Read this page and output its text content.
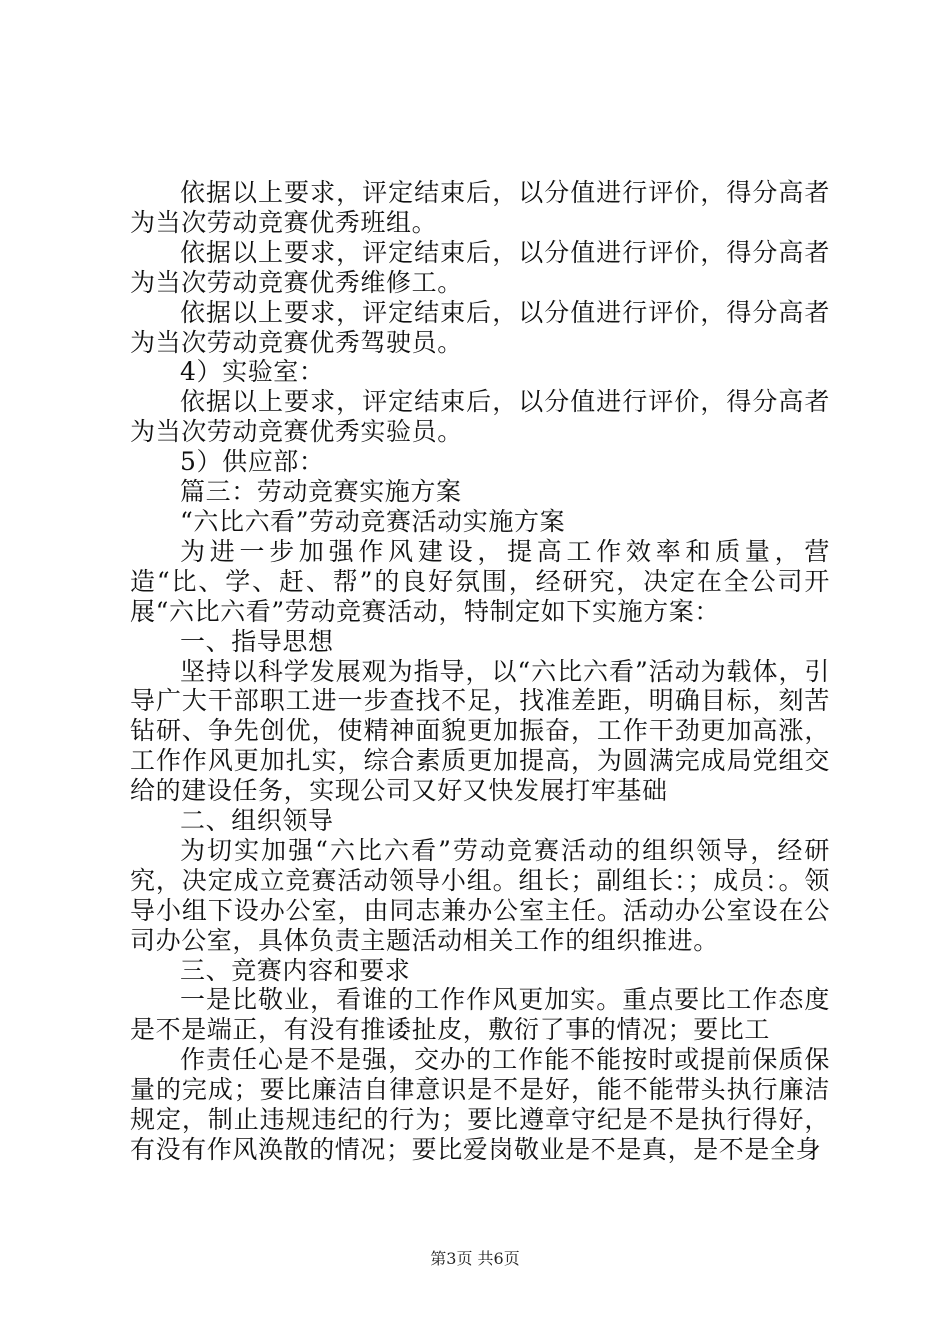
依据以上要求，评定结束后，以分值进行评价，得分高者为当次劳动竞赛优秀班组。

依据以上要求，评定结束后，以分值进行评价，得分高者为当次劳动竞赛优秀维修工。

依据以上要求，评定结束后，以分值进行评价，得分高者为当次劳动竞赛优秀驾驶员。

4）实验室：

依据以上要求，评定结束后，以分值进行评价，得分高者为当次劳动竞赛优秀实验员。

5）供应部：

篇三：劳动竞赛实施方案

“六比六看”劳动竞赛活动实施方案

为进一步加强作风建设，提高工作效率和质量，营造“比、学、赶、帮”的良好氛围，经研究，决定在全公司开展“六比六看”劳动竞赛活动，特制定如下实施方案：

一、指导思想

坚持以科学发展观为指导，以“六比六看”活动为载体，引导广大干部职工进一步查找不足，找准差距，明确目标，刻苦钻研、争先创优，使精神面貌更加振奋，工作干劲更加高涨，工作作风更加扎实，综合素质更加提高，为圆满完成局党组交给的建设任务，实现公司又好又快发展打牢基础

二、组织领导

为切实加强“六比六看”劳动竞赛活动的组织领导，经研究，决定成立竞赛活动领导小组。组长；副组长：；成员：。领导小组下设办公室，由同志兼办公室主任。活动办公室设在公司办公室，具体负责主题活动相关工作的组织推进。

三、竞赛内容和要求

一是比敬业，看谁的工作作风更加实。重点要比工作态度是不是端正，有没有推诿扯皮，敷衍了事的情况；要比工

作责任心是不是强，交办的工作能不能按时或提前保质保量的完成；要比廉洁自律意识是不是好，能不能带头执行廉洁规定，制止违规违纪的行为；要比遵章守纪是不是执行得好，有没有作风涣散的情况；要比爱岗敬业是不是真，是不是全身

第3页 共6页
